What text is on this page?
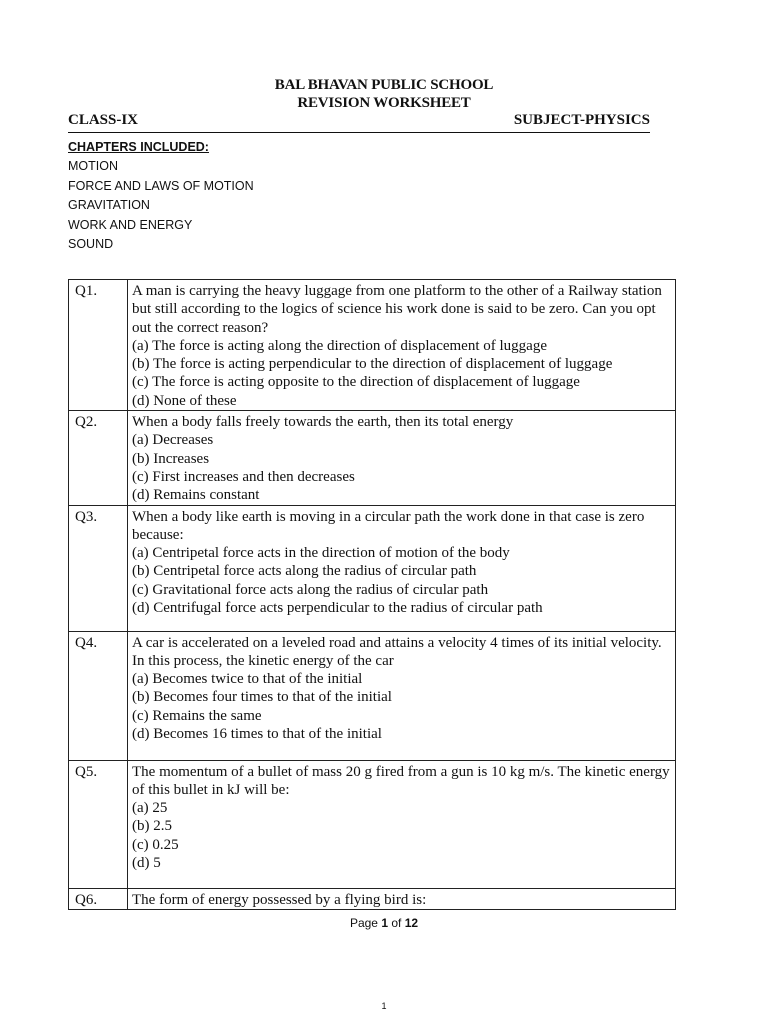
BAL BHAVAN PUBLIC SCHOOL
REVISION WORKSHEET
CLASS-IX	SUBJECT-PHYSICS
CHAPTERS INCLUDED:
MOTION
FORCE AND LAWS OF MOTION
GRAVITATION
WORK AND ENERGY
SOUND
Q1.	A man is carrying the heavy luggage from one platform to the other of a Railway station but still according to the logics of science his work done is said to be zero. Can you opt out the correct reason?
(a) The force is acting along the direction of displacement of luggage
(b) The force is acting perpendicular to the direction of displacement of luggage
(c) The force is acting opposite to the direction of displacement of luggage
(d) None of these

Q2.	When a body falls freely towards the earth, then its total energy
(a) Decreases
(b) Increases
(c) First increases and then decreases
(d) Remains constant

Q3.	When a body like earth is moving in a circular path the work done in that case is zero because:
(a) Centripetal force acts in the direction of motion of the body
(b) Centripetal force acts along the radius of circular path
(c) Gravitational force acts along the radius of circular path
(d) Centrifugal force acts perpendicular to the radius of circular path

Q4.	A car is accelerated on a leveled road and attains a velocity 4 times of its initial velocity. In this process, the kinetic energy of the car
(a) Becomes twice to that of the initial
(b) Becomes four times to that of the initial
(c) Remains the same
(d) Becomes 16 times to that of the initial

Q5.	The momentum of a bullet of mass 20 g fired from a gun is 10 kg m/s. The kinetic energy of this bullet in kJ will be:
(a) 25
(b) 2.5
(c) 0.25
(d) 5

Q6.	The form of energy possessed by a flying bird is:
Page 1 of 12
1
